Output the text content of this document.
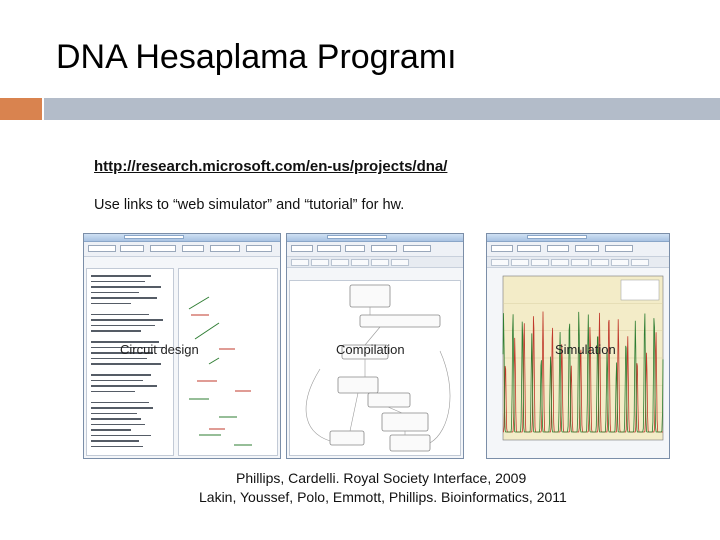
DNA Hesaplama Programı
http://research.microsoft.com/en-us/projects/dna/
Use links to “web simulator” and “tutorial” for hw.
Circuit design	Compilation	Simulation
Phillips, Cardelli. Royal Society Interface, 2009
Lakin, Youssef, Polo, Emmott, Phillips. Bioinformatics, 2011
